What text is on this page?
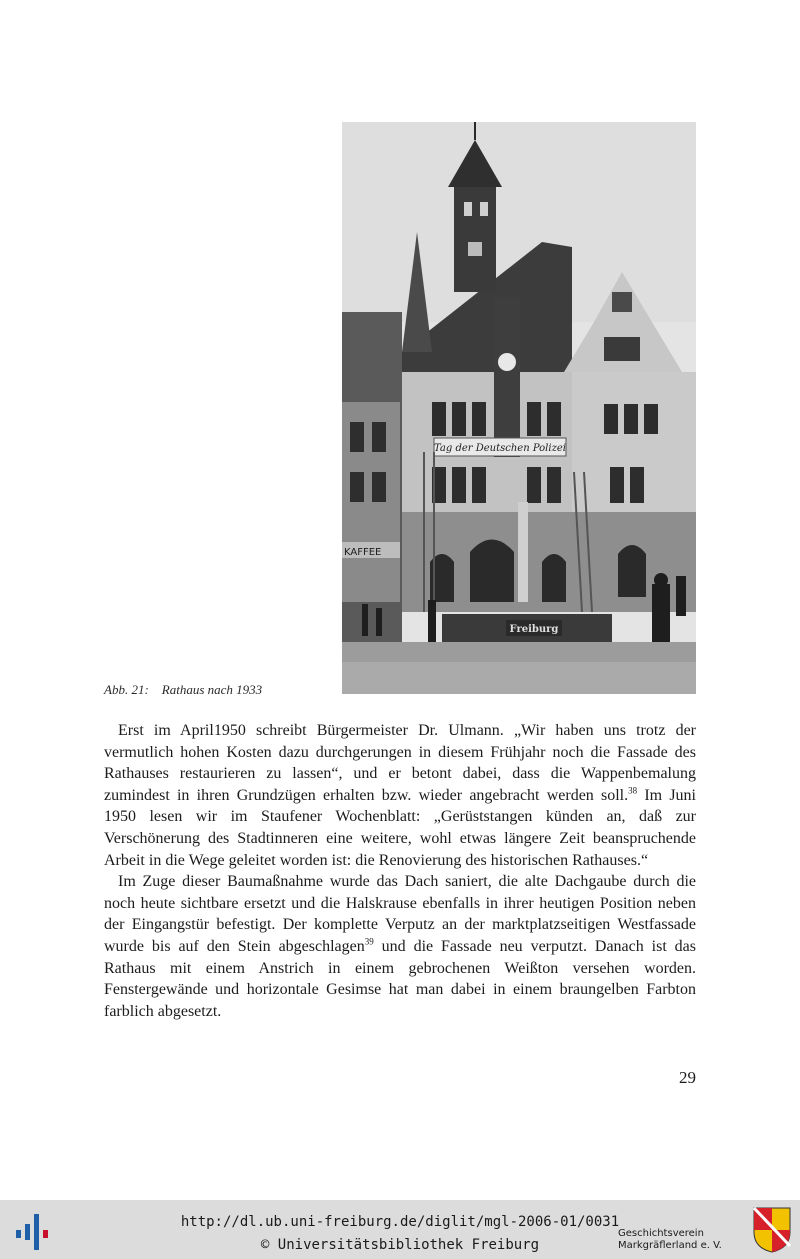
KAFFEE
Tag der Deutschen Polizei
Freiburg
Abb. 21: Rathaus nach 1933

Erst im April1950 schreibt Bürgermeister Dr. Ulmann. „Wir haben uns trotz der vermutlich hohen Kosten dazu durchgerungen in diesem Frühjahr noch die Fassade des Rathauses restaurieren zu lassen“, und er betont dabei, dass die Wappenbemalung zumindest in ihren Grundzügen erhalten bzw. wieder angebracht werden soll.$^{38}$ Im Juni 1950 lesen wir im Staufener Wochenblatt: „Gerüststangen künden an, daß zur Verschönerung des Stadtinneren eine weitere, wohl etwas längere Zeit beanspruchende Arbeit in die Wege geleitet worden ist: die Renovierung des historischen Rathauses.“

Im Zuge dieser Baumaßnahme wurde das Dach saniert, die alte Dachgaube durch die noch heute sichtbare ersetzt und die Halskrause ebenfalls in ihrer heutigen Position neben der Eingangstür befestigt. Der komplette Verputz an der marktplatzseitigen Westfassade wurde bis auf den Stein abgeschlagen$^{39}$ und die Fassade neu verputzt. Danach ist das Rathaus mit einem Anstrich in einem gebrochenen Weißton versehen worden. Fenstergewände und horizontale Gesimse hat man dabei in einem braungelben Farbton farblich abgesetzt.

29
http://dl.ub.uni-freiburg.de/diglit/mgl-2006-01/0031
© Universitätsbibliothek Freiburg
Geschichtsverein
Markgräflerland e. V.
